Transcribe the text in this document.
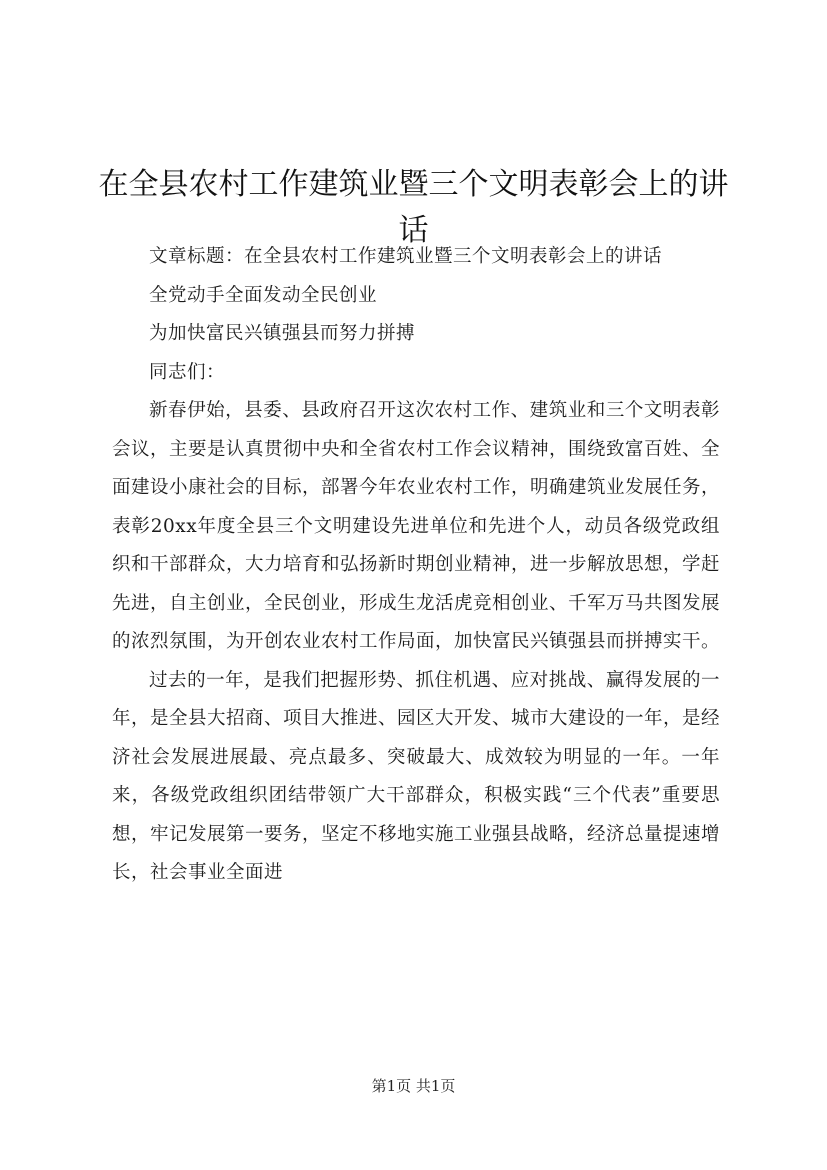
在全县农村工作建筑业暨三个文明表彰会上的讲话

文章标题：在全县农村工作建筑业暨三个文明表彰会上的讲话

全党动手全面发动全民创业

为加快富民兴镇强县而努力拼搏

同志们：

新春伊始，县委、县政府召开这次农村工作、建筑业和三个文明表彰会议，主要是认真贯彻中央和全省农村工作会议精神，围绕致富百姓、全面建设小康社会的目标，部署今年农业农村工作，明确建筑业发展任务，表彰20xx年度全县三个文明建设先进单位和先进个人，动员各级党政组织和干部群众，大力培育和弘扬新时期创业精神，进一步解放思想，学赶先进，自主创业，全民创业，形成生龙活虎竞相创业、千军万马共图发展的浓烈氛围，为开创农业农村工作局面，加快富民兴镇强县而拼搏实干。

过去的一年，是我们把握形势、抓住机遇、应对挑战、赢得发展的一年，是全县大招商、项目大推进、园区大开发、城市大建设的一年，是经济社会发展进展最、亮点最多、突破最大、成效较为明显的一年。一年来，各级党政组织团结带领广大干部群众，积极实践“三个代表”重要思想，牢记发展第一要务，坚定不移地实施工业强县战略，经济总量提速增长，社会事业全面进

第1页 共1页
